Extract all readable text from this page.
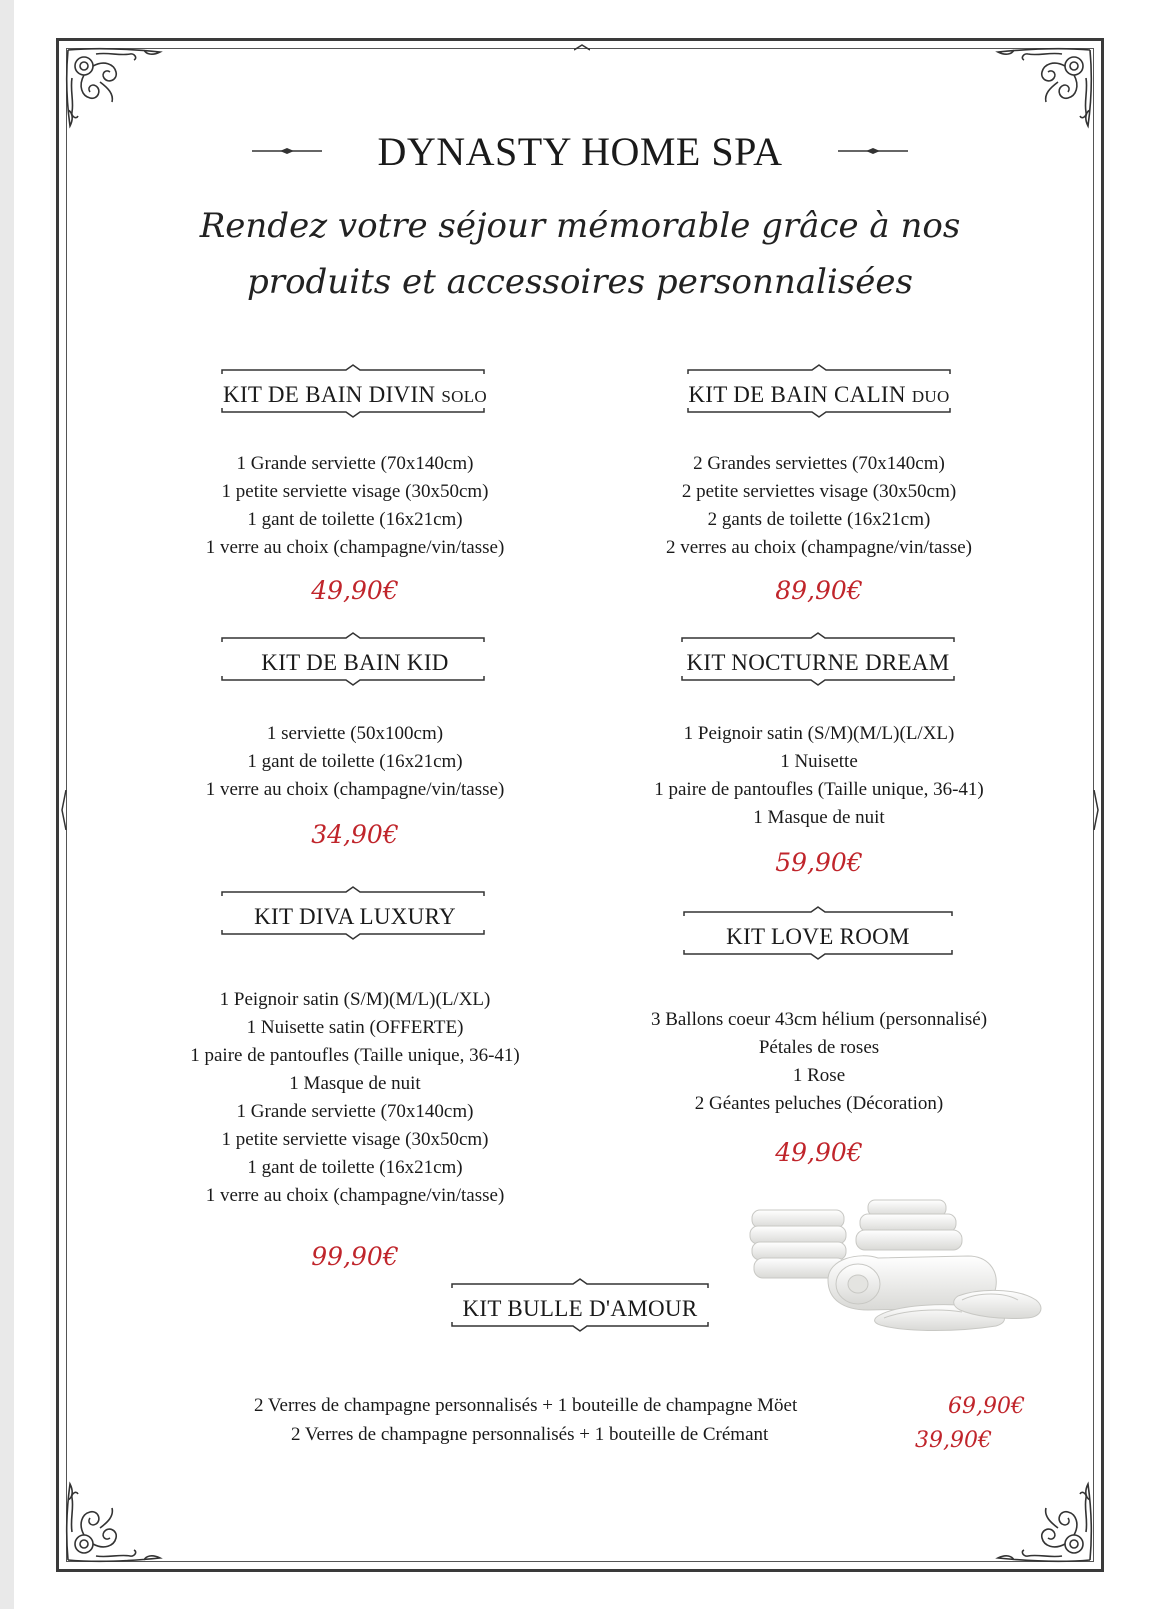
DYNASTY HOME SPA
Rendez votre séjour mémorable grâce à nos
produits et accessoires personnalisées
KIT DE BAIN DIVIN SOLO
1 Grande serviette (70x140cm)
1 petite serviette visage (30x50cm)
1 gant de toilette (16x21cm)
1 verre au choix (champagne/vin/tasse)
49,90€
KIT DE BAIN CALIN DUO
2 Grandes serviettes (70x140cm)
2 petite serviettes visage (30x50cm)
2 gants de toilette (16x21cm)
2 verres au choix (champagne/vin/tasse)
89,90€
KIT DE BAIN KID
1 serviette (50x100cm)
1 gant de toilette (16x21cm)
1 verre au choix (champagne/vin/tasse)
34,90€
KIT NOCTURNE DREAM
1 Peignoir satin (S/M)(M/L)(L/XL)
1 Nuisette
1 paire de pantoufles (Taille unique, 36-41)
1 Masque de nuit
59,90€
KIT DIVA LUXURY
1 Peignoir satin (S/M)(M/L)(L/XL)
1 Nuisette satin (OFFERTE)
1 paire de pantoufles (Taille unique, 36-41)
1 Masque de nuit
1 Grande serviette (70x140cm)
1 petite serviette visage (30x50cm)
1 gant de toilette (16x21cm)
1 verre au choix (champagne/vin/tasse)
99,90€
KIT LOVE ROOM
3 Ballons coeur 43cm hélium (personnalisé)
Pétales de roses
1 Rose
2 Géantes peluches (Décoration)
49,90€
KIT BULLE D'AMOUR
2 Verres de champagne personnalisés + 1 bouteille de champagne Möet	69,90€
2 Verres de champagne personnalisés + 1 bouteille de Crémant	39,90€
